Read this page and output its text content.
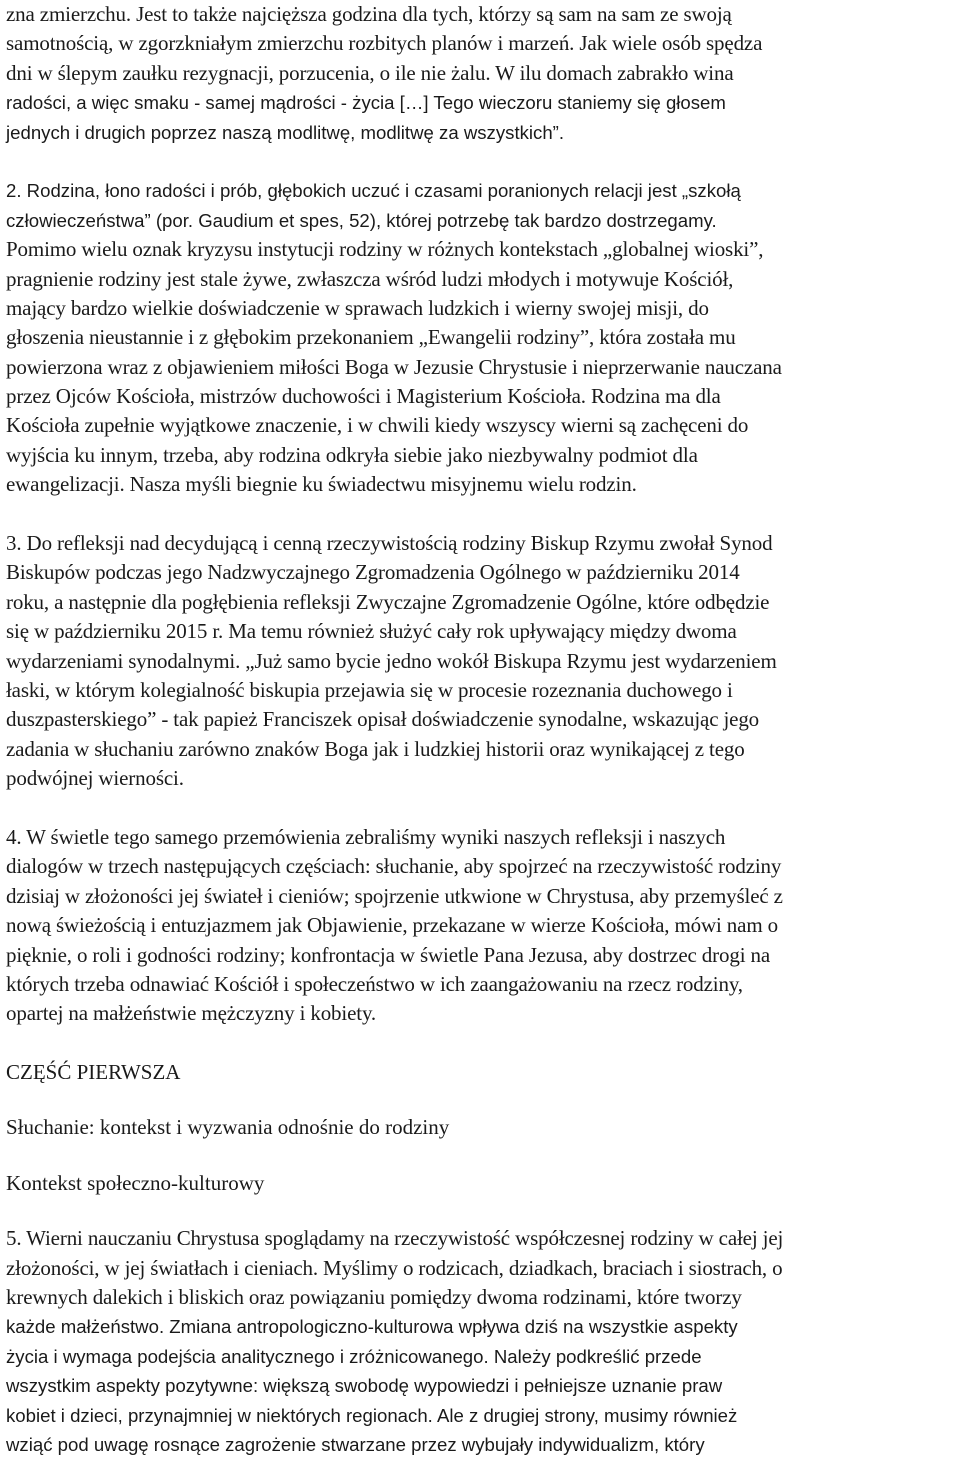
zna zmierzchu. Jest to także najcięższa godzina dla tych, którzy są sam na sam ze swoją
samotnością, w zgorzkniałym zmierzchu rozbitych planów i marzeń. Jak wiele osób spędza
dni w ślepym zaułku rezygnacji, porzucenia, o ile nie żalu. W ilu domach zabrakło wina
radości, a więc smaku - samej mądrości - życia […] Tego wieczoru staniemy się głosem
jednych i drugich poprzez naszą modlitwę, modlitwę za wszystkich”.
2. Rodzina, łono radości i prób, głębokich uczuć i czasami poranionych relacji jest „szkołą
człowieczeństwa” (por. Gaudium et spes, 52), której potrzebę tak bardzo dostrzegamy.
Pomimo wielu oznak kryzysu instytucji rodziny w różnych kontekstach „globalnej wioski”,
pragnienie rodziny jest stale żywe, zwłaszcza wśród ludzi młodych i motywuje Kościół,
mający bardzo wielkie doświadczenie w sprawach ludzkich i wierny swojej misji, do
głoszenia nieustannie i z głębokim przekonaniem „Ewangelii rodziny”, która została mu
powierzona wraz z objawieniem miłości Boga w Jezusie Chrystusie i nieprzerwanie nauczana
przez Ojców Kościoła, mistrzów duchowości i Magisterium Kościoła. Rodzina ma dla
Kościoła zupełnie wyjątkowe znaczenie, i w chwili kiedy wszyscy wierni są zachęceni do
wyjścia ku innym, trzeba, aby rodzina odkryła siebie jako niezbywalny podmiot dla
ewangelizacji. Nasza myśli biegnie ku świadectwu misyjnemu wielu rodzin.
3. Do refleksji nad decydującą i cenną rzeczywistością rodziny Biskup Rzymu zwołał Synod
Biskupów podczas jego Nadzwyczajnego Zgromadzenia Ogólnego w październiku 2014
roku, a następnie dla pogłębienia refleksji Zwyczajne Zgromadzenie Ogólne, które odbędzie
się w październiku 2015 r. Ma temu również służyć cały rok upływający między dwoma
wydarzeniami synodalnymi. „Już samo bycie jedno wokół Biskupa Rzymu jest wydarzeniem
łaski, w którym kolegialność biskupia przejawia się w procesie rozeznania duchowego i
duszpasterskiego” - tak papież Franciszek opisał doświadczenie synodalne, wskazując jego
zadania w słuchaniu zarówno znaków Boga jak i ludzkiej historii oraz wynikającej z tego
podwójnej wierności.
4. W świetle tego samego przemówienia zebraliśmy wyniki naszych refleksji i naszych
dialogów w trzech następujących częściach: słuchanie, aby spojrzeć na rzeczywistość rodziny
dzisiaj w złożoności jej świateł i cieniów; spojrzenie utkwione w Chrystusa, aby przemyśleć z
nową świeżością i entuzjazmem jak Objawienie, przekazane w wierze Kościoła, mówi nam o
pięknie, o roli i godności rodziny; konfrontacja w świetle Pana Jezusa, aby dostrzec drogi na
których trzeba odnawiać Kościół i społeczeństwo w ich zaangażowaniu na rzecz rodziny,
opartej na małżeństwie mężczyzny i kobiety.
CZĘŚĆ PIERWSZA
Słuchanie: kontekst i wyzwania odnośnie do rodziny
Kontekst społeczno-kulturowy
5. Wierni nauczaniu Chrystusa spoglądamy na rzeczywistość współczesnej rodziny w całej jej
złożoności, w jej światłach i cieniach. Myślimy o rodzicach, dziadkach, braciach i siostrach, o
krewnych dalekich i bliskich oraz powiązaniu pomiędzy dwoma rodzinami, które tworzy
każde małżeństwo. Zmiana antropologiczno-kulturowa wpływa dziś na wszystkie aspekty
życia i wymaga podejścia analitycznego i zróżnicowanego. Należy podkreślić przede
wszystkim aspekty pozytywne: większą swobodę wypowiedzi i pełniejsze uznanie praw
kobiet i dzieci, przynajmniej w niektórych regionach. Ale z drugiej strony, musimy również
wziąć pod uwagę rosnące zagrożenie stwarzane przez wybujały indywidualizm, który
